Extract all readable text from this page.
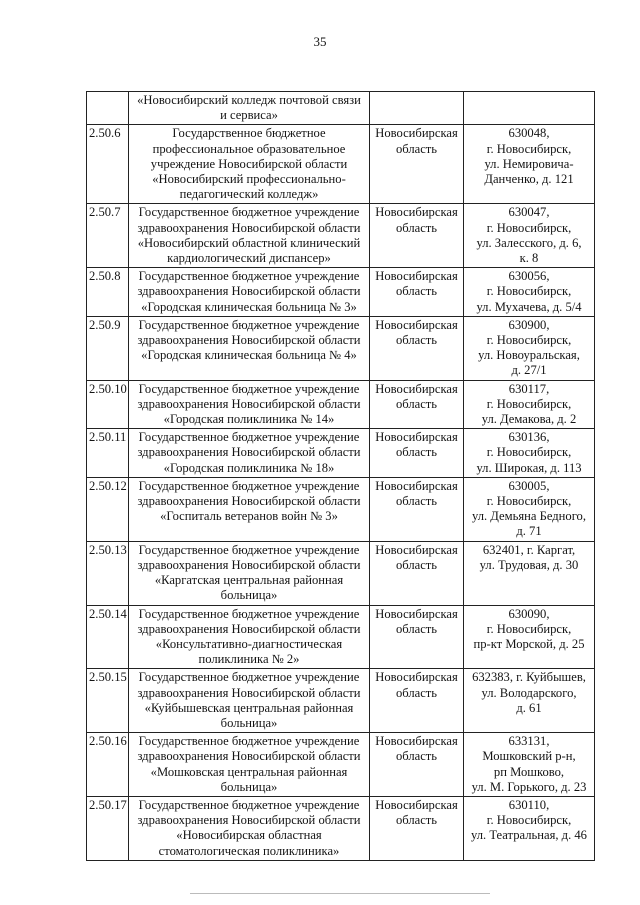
35

	«Новосибирский колледж почтовой связи
и сервиса»		

2.50.6	Государственное бюджетное
профессиональное образовательное
учреждение Новосибирской области
«Новосибирский профессионально-
педагогический колледж»	Новосибирская
область	630048,
г. Новосибирск,
ул. Немировича-
Данченко, д. 121

2.50.7	Государственное бюджетное учреждение
здравоохранения Новосибирской области
«Новосибирский областной клинический
кардиологический диспансер»	Новосибирская
область	630047,
г. Новосибирск,
ул. Залесского, д. 6,
к. 8

2.50.8	Государственное бюджетное учреждение
здравоохранения Новосибирской области
«Городская клиническая больница № 3»	Новосибирская
область	630056,
г. Новосибирск,
ул. Мухачева, д. 5/4

2.50.9	Государственное бюджетное учреждение
здравоохранения Новосибирской области
«Городская клиническая больница № 4»	Новосибирская
область	630900,
г. Новосибирск,
ул. Новоуральская,
д. 27/1

2.50.10	Государственное бюджетное учреждение
здравоохранения Новосибирской области
«Городская поликлиника № 14»	Новосибирская
область	630117,
г. Новосибирск,
ул. Демакова, д. 2

2.50.11	Государственное бюджетное учреждение
здравоохранения Новосибирской области
«Городская поликлиника № 18»	Новосибирская
область	630136,
г. Новосибирск,
ул. Широкая, д. 113

2.50.12	Государственное бюджетное учреждение
здравоохранения Новосибирской области
«Госпиталь ветеранов войн № 3»	Новосибирская
область	630005,
г. Новосибирск,
ул. Демьяна Бедного,
д. 71

2.50.13	Государственное бюджетное учреждение
здравоохранения Новосибирской области
«Каргатская центральная районная
больница»	Новосибирская
область	632401, г. Каргат,
ул. Трудовая, д. 30

2.50.14	Государственное бюджетное учреждение
здравоохранения Новосибирской области
«Консультативно-диагностическая
поликлиника № 2»	Новосибирская
область	630090,
г. Новосибирск,
пр-кт Морской, д. 25

2.50.15	Государственное бюджетное учреждение
здравоохранения Новосибирской области
«Куйбышевская центральная районная
больница»	Новосибирская
область	632383, г. Куйбышев,
ул. Володарского,
д. 61

2.50.16	Государственное бюджетное учреждение
здравоохранения Новосибирской области
«Мошковская центральная районная
больница»	Новосибирская
область	633131,
Мошковский р-н,
рп Мошково,
ул. М. Горького, д. 23

2.50.17	Государственное бюджетное учреждение
здравоохранения Новосибирской области
«Новосибирская областная
стоматологическая поликлиника»	Новосибирская
область	630110,
г. Новосибирск,
ул. Театральная, д. 46
